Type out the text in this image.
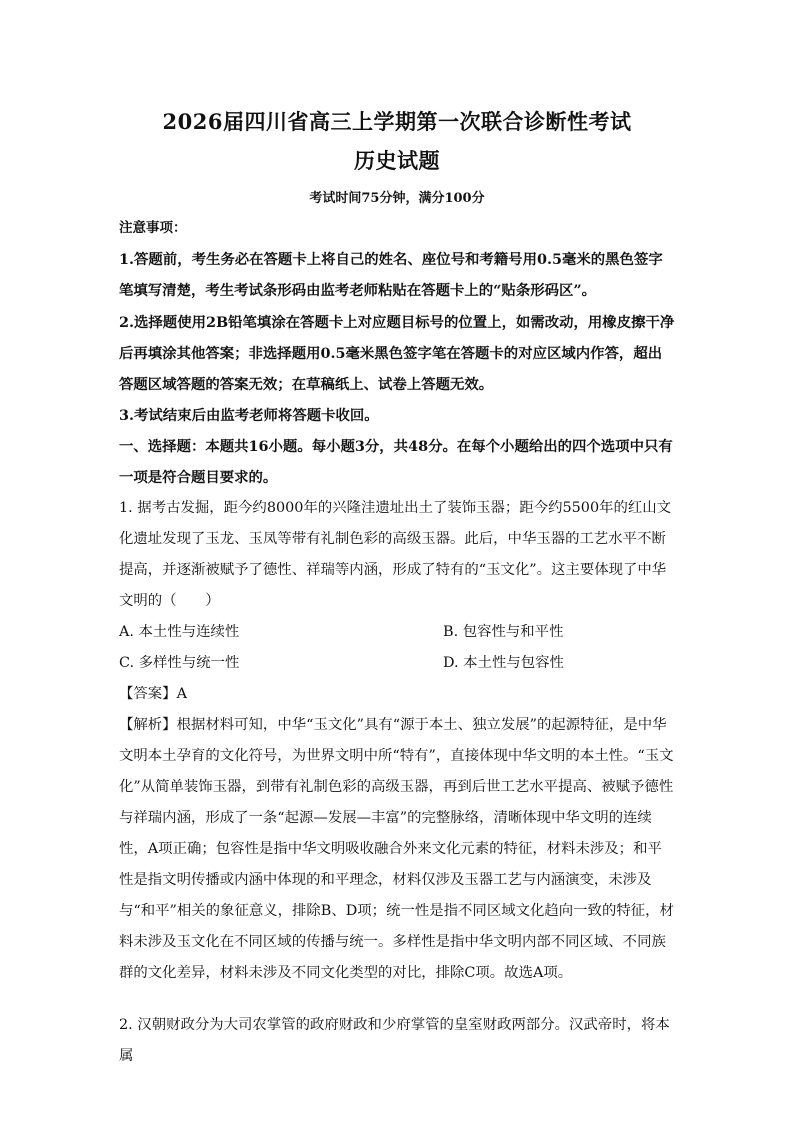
2026届四川省高三上学期第一次联合诊断性考试
历史试题
考试时间75分钟，满分100分
注意事项：
1.答题前，考生务必在答题卡上将自己的姓名、座位号和考籍号用0.5毫米的黑色签字笔填写清楚，考生考试条形码由监考老师粘贴在答题卡上的“贴条形码区”。
2.选择题使用2B铅笔填涂在答题卡上对应题目标号的位置上，如需改动，用橡皮擦干净后再填涂其他答案；非选择题用0.5毫米黑色签字笔在答题卡的对应区域内作答，超出答题区域答题的答案无效；在草稿纸上、试卷上答题无效。
3.考试结束后由监考老师将答题卡收回。
一、选择题：本题共16小题。每小题3分，共48分。在每个小题给出的四个选项中只有一项是符合题目要求的。
1. 据考古发掘，距今约8000年的兴隆洼遗址出土了装饰玉器；距今约5500年的红山文化遗址发现了玉龙、玉凤等带有礼制色彩的高级玉器。此后，中华玉器的工艺水平不断提高，并逐渐被赋予了德性、祥瑞等内涵，形成了特有的“玉文化”。这主要体现了中华文明的（　　）
A. 本土性与连续性	B. 包容性与和平性
C. 多样性与统一性	D. 本土性与包容性
【答案】A
【解析】根据材料可知，中华“玉文化”具有“源于本土、独立发展”的起源特征，是中华文明本土孕育的文化符号，为世界文明中所“特有”，直接体现中华文明的本土性。“玉文化”从简单装饰玉器，到带有礼制色彩的高级玉器，再到后世工艺水平提高、被赋予德性与祥瑞内涵，形成了一条“起源—发展—丰富”的完整脉络，清晰体现中华文明的连续性，A项正确；包容性是指中华文明吸收融合外来文化元素的特征，材料未涉及；和平性是指文明传播或内涵中体现的和平理念，材料仅涉及玉器工艺与内涵演变，未涉及与“和平”相关的象征意义，排除B、D项；统一性是指不同区域文化趋向一致的特征，材料未涉及玉文化在不同区域的传播与统一。多样性是指中华文明内部不同区域、不同族群的文化差异，材料未涉及不同文化类型的对比，排除C项。故选A项。
2. 汉朝财政分为大司农掌管的政府财政和少府掌管的皇室财政两部分。汉武帝时，将本属
